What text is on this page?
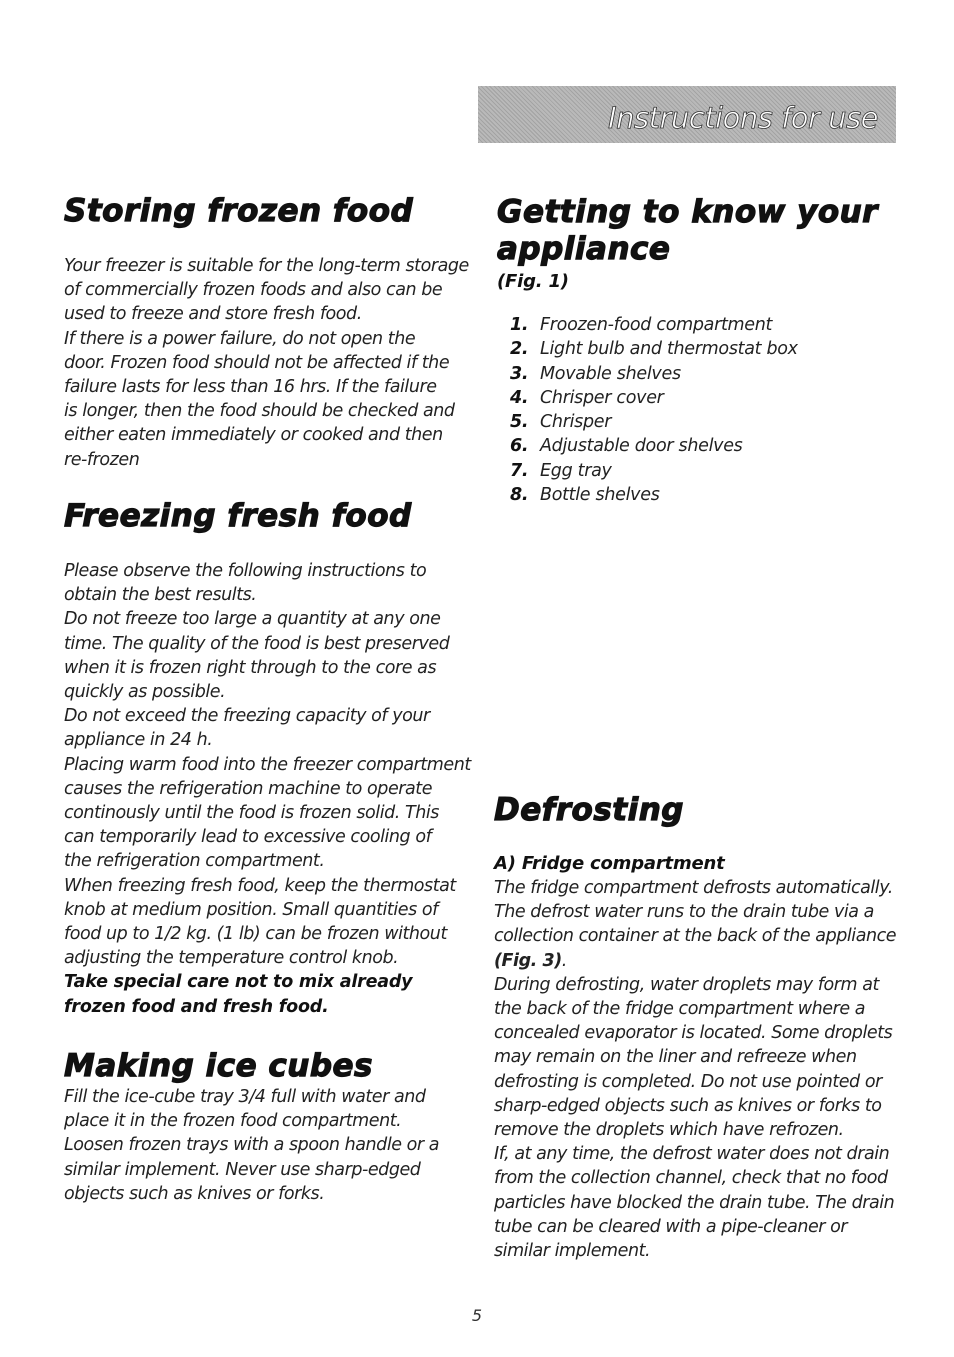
Instructions for use
Storing frozen food

Your freezer is suitable for the long-term storage

of commercially frozen foods and also can be

used to freeze and store fresh food.

If there is a power failure, do not open the

door. Frozen food should not be affected if the

failure lasts for less than 16 hrs. If the failure

is longer, then the food should be checked and

either eaten immediately or cooked and then

re-frozen

Freezing fresh food

Please observe the following instructions to

obtain the best results.

Do not freeze too large a quantity at any one

time. The quality of the food is best preserved

when it is frozen right through to the core as

quickly as possible.

Do not exceed the freezing capacity of your

appliance in 24 h.

Placing warm food into the freezer compartment

causes the refrigeration machine to operate

continously until the food is frozen solid. This

can temporarily lead to excessive cooling of

the refrigeration compartment.

When freezing fresh food, keep the thermostat

knob at medium position. Small quantities of

food up to 1/2 kg. (1 lb) can be frozen without

adjusting the temperature control knob.

Take special care not to mix already

frozen food and fresh food.

Making ice cubes

Fill the ice-cube tray 3/4 full with water and

place it in the frozen food compartment.

Loosen frozen trays with a spoon handle or a

similar implement. Never use sharp-edged

objects such as knives or forks.

Getting to know your
appliance

(Fig. 1)

1. Froozen-food compartment
2. Light bulb and thermostat box
3. Movable shelves
4. Chrisper cover
5. Chrisper
6. Adjustable door shelves
7. Egg tray
8. Bottle shelves
Defrosting

A) Fridge compartment

The fridge compartment defrosts automatically.

The defrost water runs to the drain tube via a

collection container at the back of the appliance

(Fig. 3).

During defrosting, water droplets may form at

the back of the fridge compartment where a

concealed evaporator is located. Some droplets

may remain on the liner and refreeze when

defrosting is completed. Do not use pointed or

sharp-edged objects such as knives or forks to

remove the droplets which have refrozen.

If, at any time, the defrost water does not drain

from the collection channel, check that no food

particles have blocked the drain tube. The drain

tube can be cleared with a pipe-cleaner or

similar implement.

5
